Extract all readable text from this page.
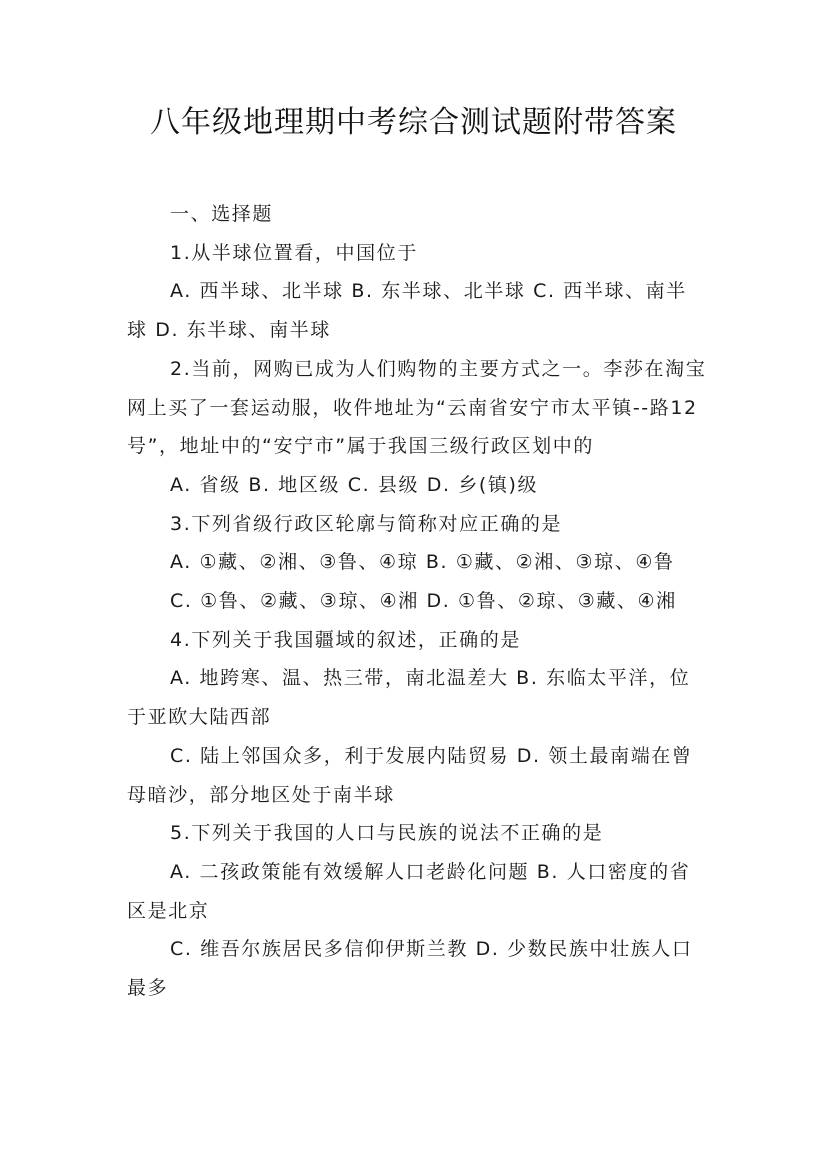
八年级地理期中考综合测试题附带答案

一、选择题

1.从半球位置看，中国位于

A. 西半球、北半球 B. 东半球、北半球 C. 西半球、南半球 D. 东半球、南半球

2.当前，网购已成为人们购物的主要方式之一。李莎在淘宝网上买了一套运动服，收件地址为“云南省安宁市太平镇--路12号”，地址中的“安宁市”属于我国三级行政区划中的

A. 省级 B. 地区级 C. 县级 D. 乡(镇)级

3.下列省级行政区轮廓与简称对应正确的是

A. ①藏、②湘、③鲁、④琼 B. ①藏、②湘、③琼、④鲁

C. ①鲁、②藏、③琼、④湘 D. ①鲁、②琼、③藏、④湘

4.下列关于我国疆域的叙述，正确的是

A. 地跨寒、温、热三带，南北温差大 B. 东临太平洋，位于亚欧大陆西部

C. 陆上邻国众多，利于发展内陆贸易 D. 领土最南端在曾母暗沙，部分地区处于南半球

5.下列关于我国的人口与民族的说法不正确的是

A. 二孩政策能有效缓解人口老龄化问题 B. 人口密度的省区是北京

C. 维吾尔族居民多信仰伊斯兰教 D. 少数民族中壮族人口最多
